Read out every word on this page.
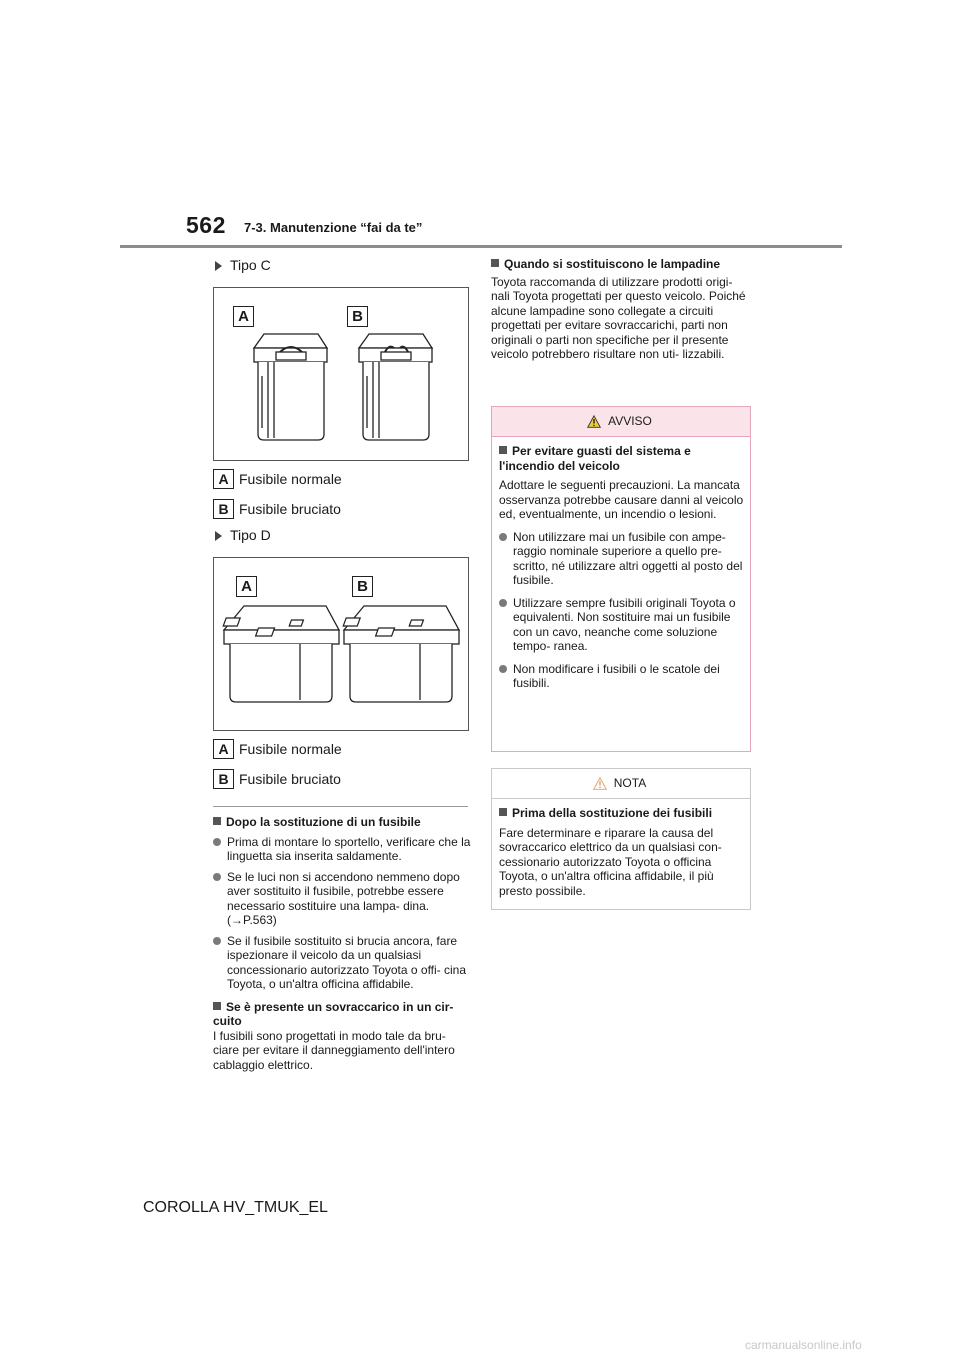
562 7-3. Manutenzione “fai da te”
Tipo C
A	B
A Fusibile normale
B Fusibile bruciato
Tipo D
A	B
A Fusibile normale
B Fusibile bruciato
Dopo la sostituzione di un fusibile
Prima di montare lo sportello, verificare che la linguetta sia inserita saldamente.
Se le luci non si accendono nemmeno dopo aver sostituito il fusibile, potrebbe essere necessario sostituire una lampa- dina. (→P.563)
Se il fusibile sostituito si brucia ancora, fare ispezionare il veicolo da un qualsiasi concessionario autorizzato Toyota o offi- cina Toyota, o un'altra officina affidabile.
Se è presente un sovraccarico in un cir- cuito
I fusibili sono progettati in modo tale da bru- ciare per evitare il danneggiamento dell'intero cablaggio elettrico.
Quando si sostituiscono le lampadine
Toyota raccomanda di utilizzare prodotti origi- nali Toyota progettati per questo veicolo. Poiché alcune lampadine sono collegate a circuiti progettati per evitare sovraccarichi, parti non originali o parti non specifiche per il presente veicolo potrebbero risultare non uti- lizzabili.
AVVISO
Per evitare guasti del sistema e l'incendio del veicolo
Adottare le seguenti precauzioni. La mancata osservanza potrebbe causare danni al veicolo ed, eventualmente, un incendio o lesioni.
Non utilizzare mai un fusibile con ampe- raggio nominale superiore a quello pre- scritto, né utilizzare altri oggetti al posto del fusibile.
Utilizzare sempre fusibili originali Toyota o equivalenti. Non sostituire mai un fusibile con un cavo, neanche come soluzione tempo- ranea.
Non modificare i fusibili o le scatole dei fusibili.
NOTA
Prima della sostituzione dei fusibili
Fare determinare e riparare la causa del sovraccarico elettrico da un qualsiasi con- cessionario autorizzato Toyota o officina Toyota, o un'altra officina affidabile, il più presto possibile.
COROLLA HV_TMUK_EL
carmanualsonline.info
